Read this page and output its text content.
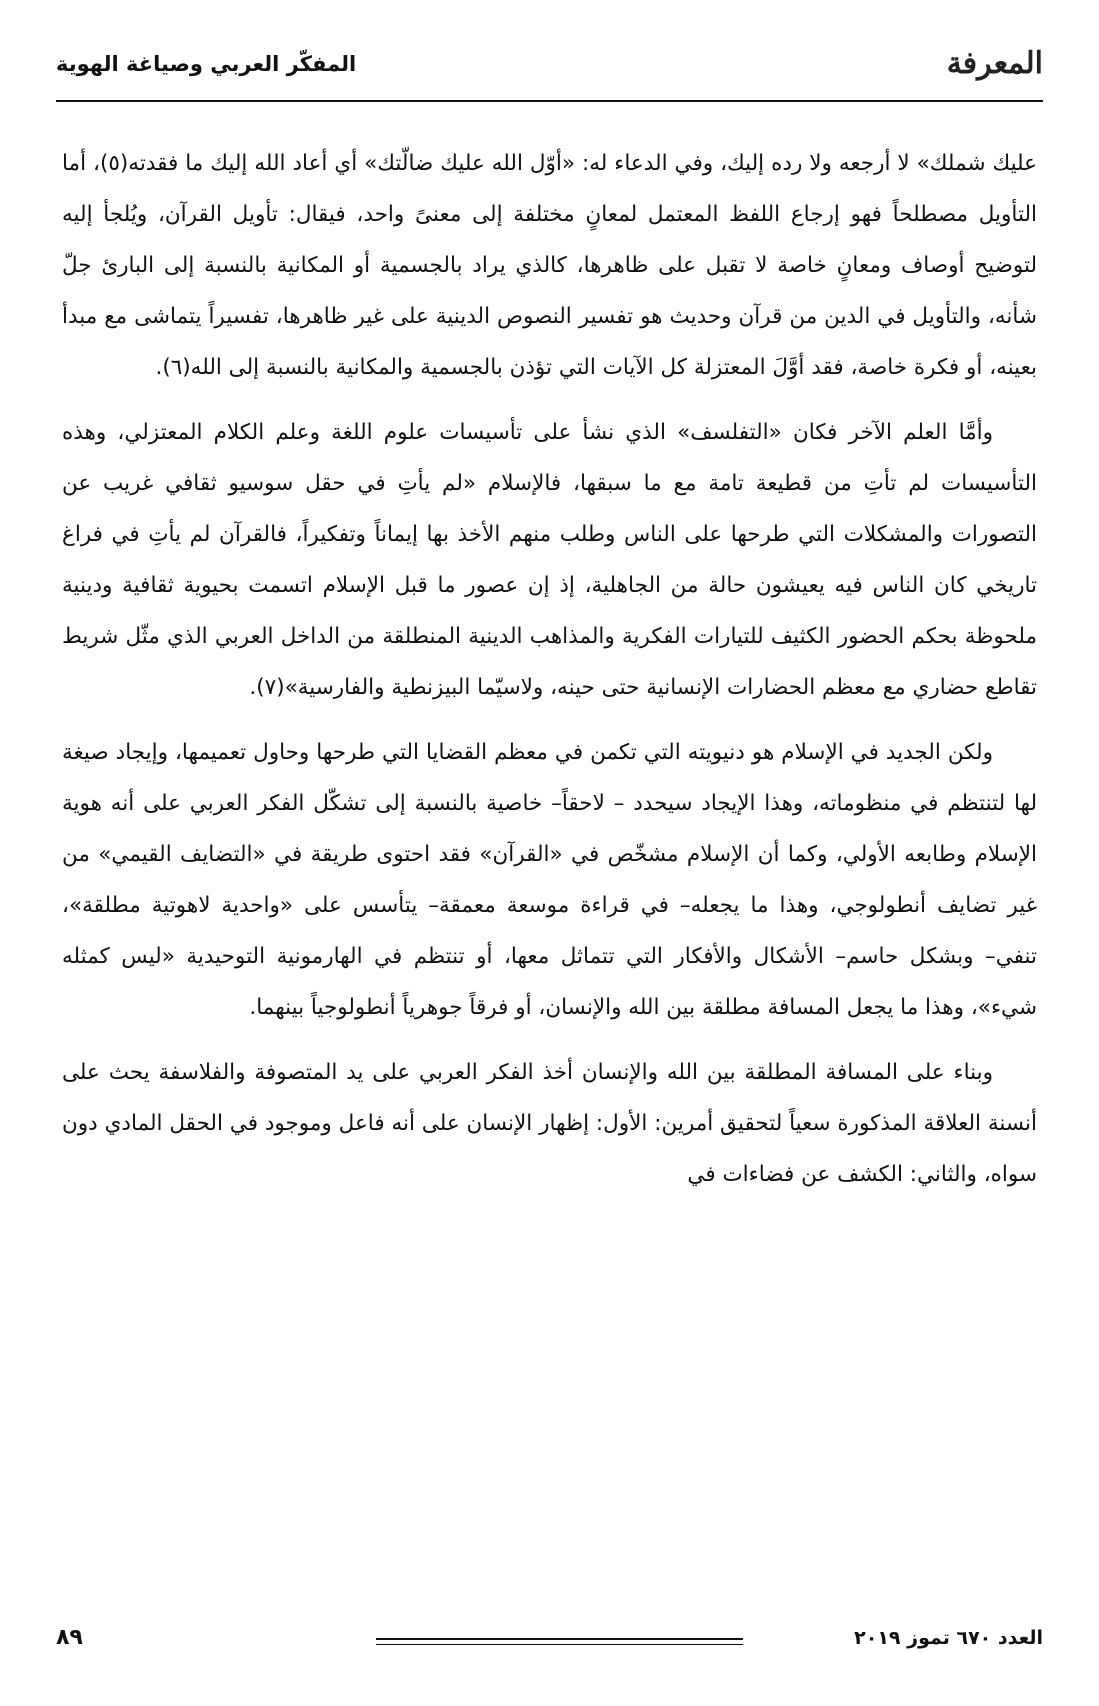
المعرفة
المفكّر العربي وصياغة الهوية

عليك شملك» لا أرجعه ولا رده إليك، وفي الدعاء له: «أوّل الله عليك ضالّتك» أي أعاد الله إليك ما فقدته(٥)، أما التأويل مصطلحاً فهو إرجاع اللفظ المعتمل لمعانٍ مختلفة إلى معنىً واحد، فيقال: تأويل القرآن، ويُلجأ إليه لتوضيح أوصاف ومعانٍ خاصة لا تقبل على ظاهرها، كالذي يراد بالجسمية أو المكانية بالنسبة إلى البارئ جلّ شأنه، والتأويل في الدين من قرآن وحديث هو تفسير النصوص الدينية على غير ظاهرها، تفسيراً يتماشى مع مبدأ بعينه، أو فكرة خاصة، فقد أوَّلَ المعتزلة كل الآيات التي تؤذن بالجسمية والمكانية بالنسبة إلى الله(٦).

وأمَّا العلم الآخر فكان «التفلسف» الذي نشأ على تأسيسات علوم اللغة وعلم الكلام المعتزلي، وهذه التأسيسات لم تأتِ من قطيعة تامة مع ما سبقها، فالإسلام «لم يأتِ في حقل سوسيو ثقافي غريب عن التصورات والمشكلات التي طرحها على الناس وطلب منهم الأخذ بها إيماناً وتفكيراً، فالقرآن لم يأتِ في فراغ تاريخي كان الناس فيه يعيشون حالة من الجاهلية، إذ إن عصور ما قبل الإسلام اتسمت بحيوية ثقافية ودينية ملحوظة بحكم الحضور الكثيف للتيارات الفكرية والمذاهب الدينية المنطلقة من الداخل العربي الذي مثّل شريط تقاطع حضاري مع معظم الحضارات الإنسانية حتى حينه، ولاسيّما البيزنطية والفارسية»(٧).

ولكن الجديد في الإسلام هو دنيويته التي تكمن في معظم القضايا التي طرحها وحاول تعميمها، وإيجاد صيغة لها لتنتظم في منظوماته، وهذا الإيجاد سيحدد – لاحقاً– خاصية بالنسبة إلى تشكّل الفكر العربي على أنه هوية الإسلام وطابعه الأولي، وكما أن الإسلام مشخّص في «القرآن» فقد احتوى طريقة في «التضايف القيمي» من غير تضايف أنطولوجي، وهذا ما يجعله– في قراءة موسعة معمقة– يتأسس على «واحدية لاهوتية مطلقة»، تنفي– وبشكل حاسم– الأشكال والأفكار التي تتماثل معها، أو تنتظم في الهارمونية التوحيدية «ليس كمثله شيء»، وهذا ما يجعل المسافة مطلقة بين الله والإنسان، أو فرقاً جوهرياً أنطولوجياً بينهما.

وبناء على المسافة المطلقة بين الله والإنسان أخذ الفكر العربي على يد المتصوفة والفلاسفة يحث على أنسنة العلاقة المذكورة سعياً لتحقيق أمرين: الأول: إظهار الإنسان على أنه فاعل وموجود في الحقل المادي دون سواه، والثاني: الكشف عن فضاءات في

العدد ٦٧٠ تموز ٢٠١٩
٨٩
